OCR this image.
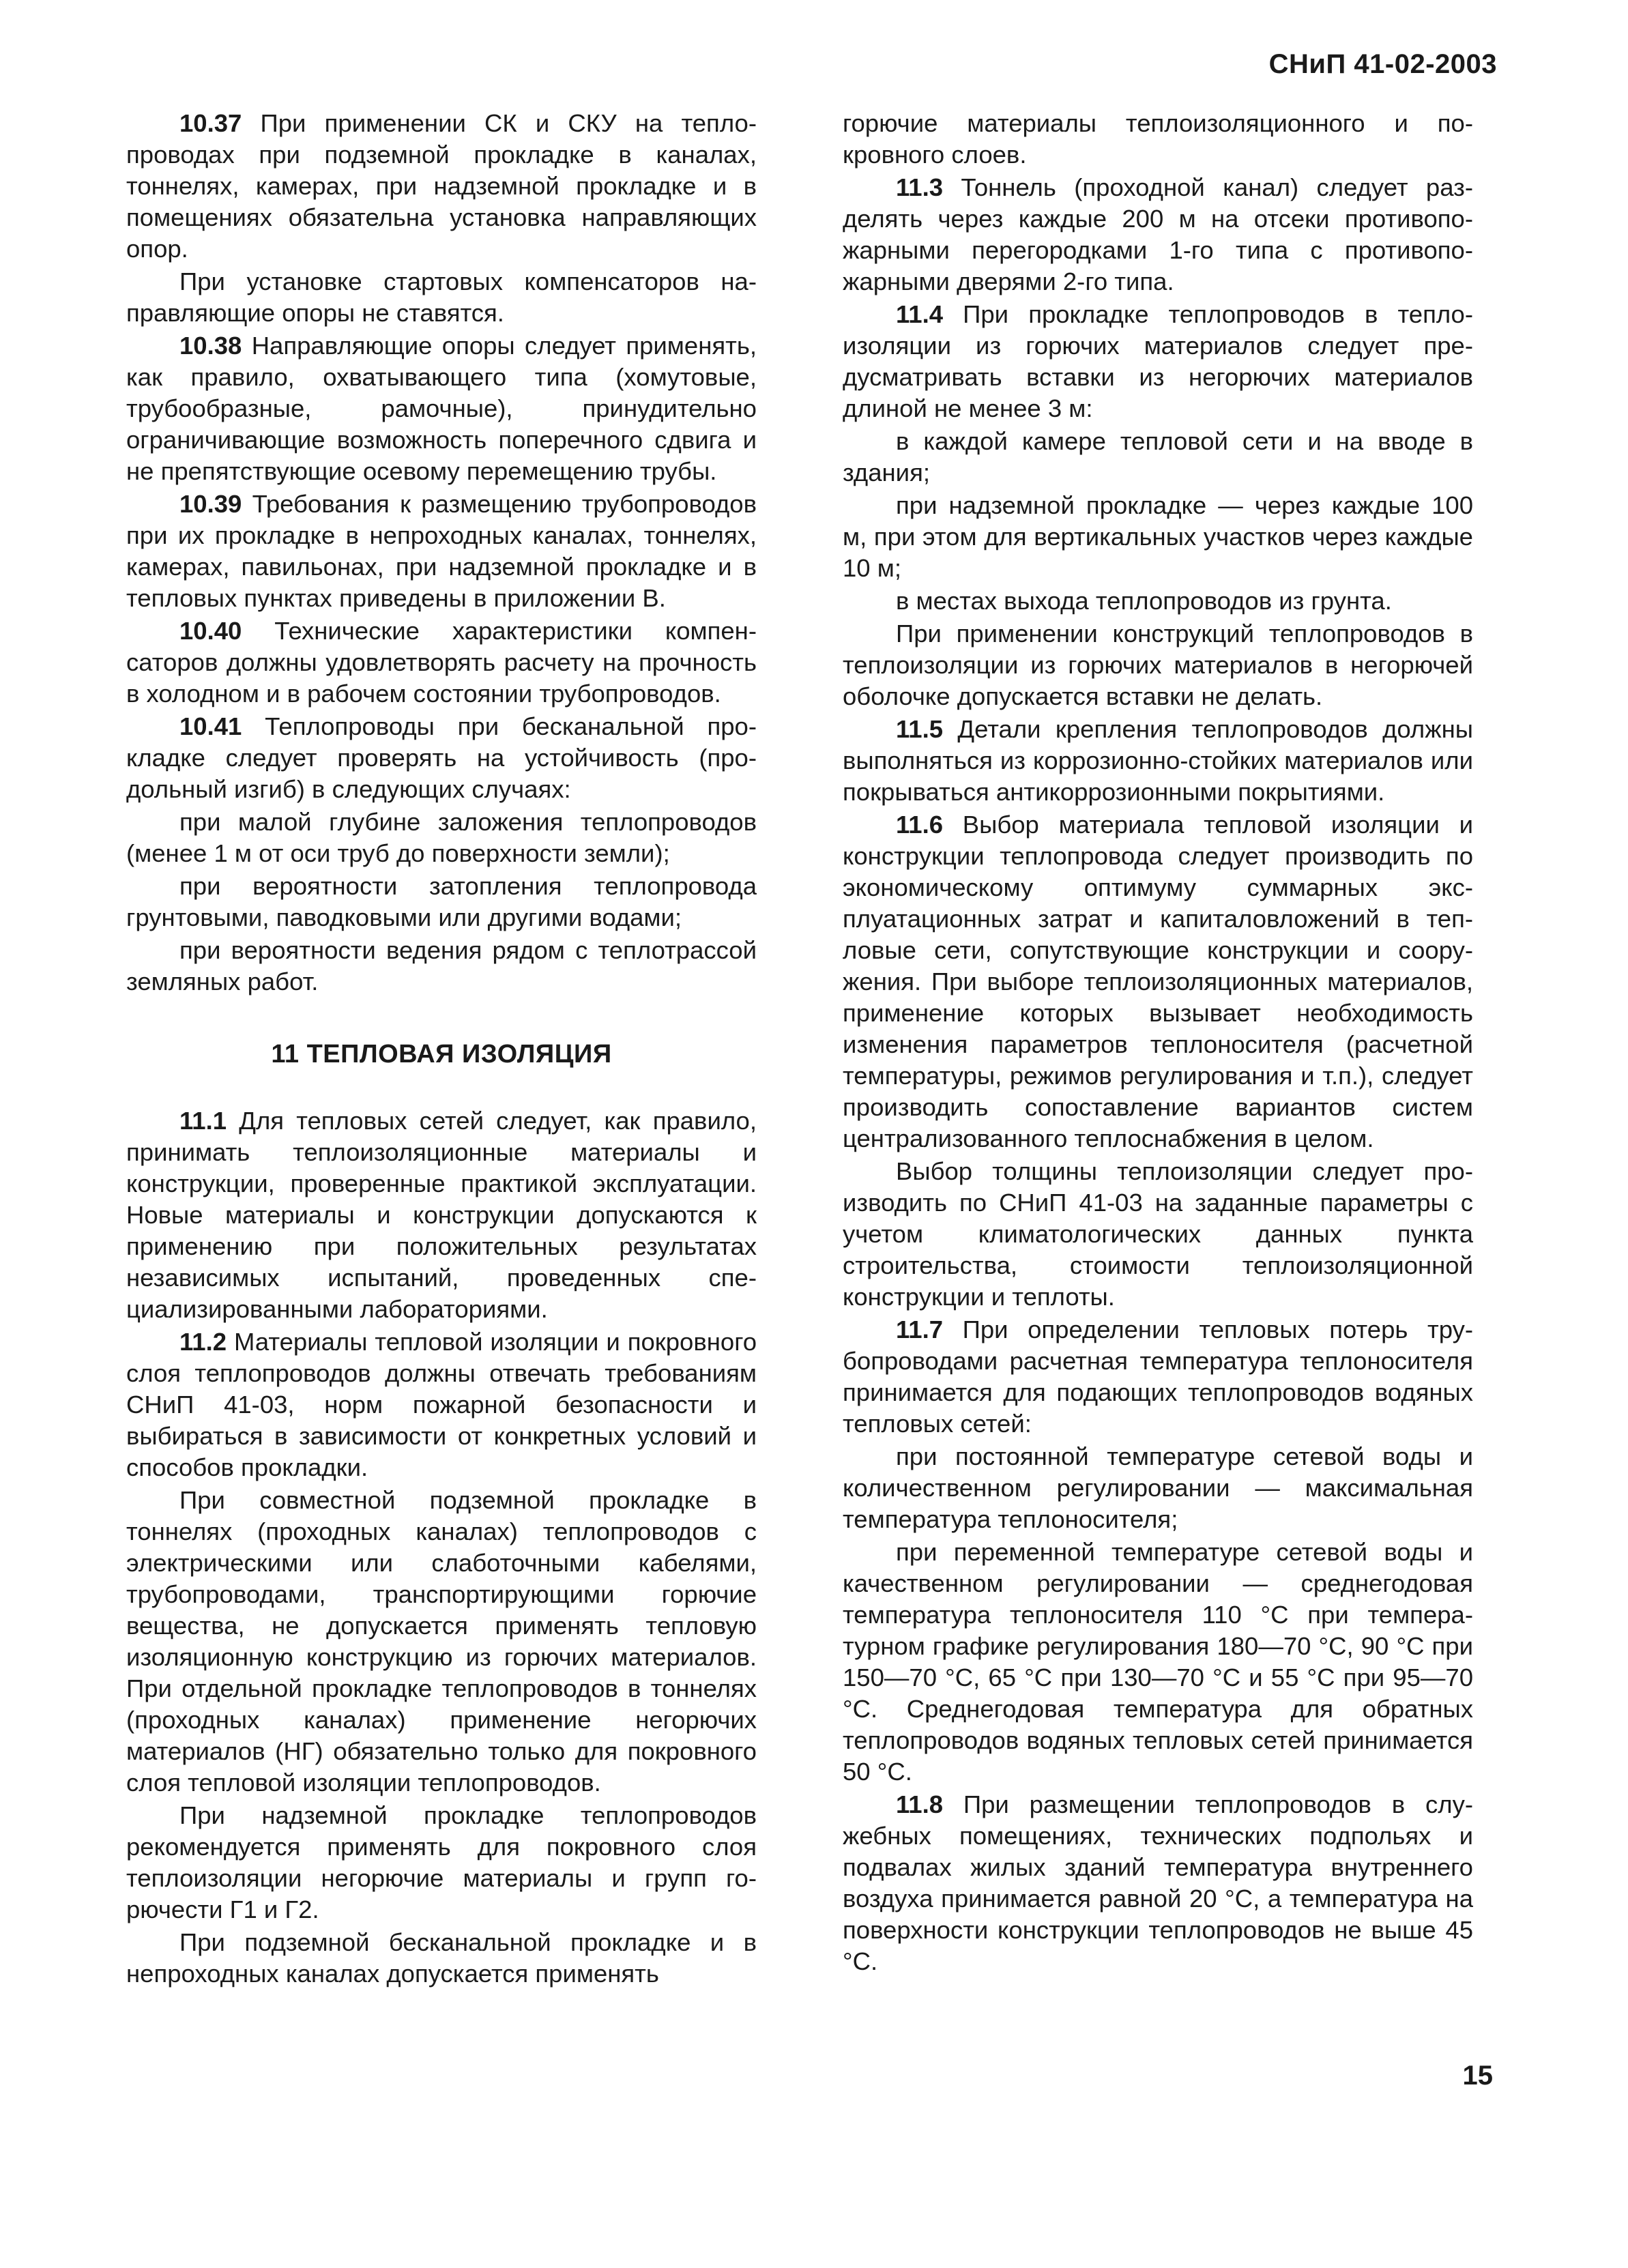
СНиП 41-02-2003

10.37 При применении СК и СКУ на теплопроводах при подземной прокладке в каналах, тоннелях, камерах, при надземной прокладке и в помещениях обязательна установка направляющих опор.

При установке стартовых компенсаторов направляющие опоры не ставятся.

10.38 Направляющие опоры следует применять, как правило, охватывающего типа (хомутовые, трубообразные, рамочные), принудительно ограничивающие возможность поперечного сдвига и не препятствующие осевому перемещению трубы.

10.39 Требования к размещению трубопроводов при их прокладке в непроходных каналах, тоннелях, камерах, павильонах, при надземной прокладке и в тепловых пунктах приведены в приложении В.

10.40 Технические характеристики компенсаторов должны удовлетворять расчету на прочность в холодном и в рабочем состоянии трубопроводов.

10.41 Теплопроводы при бесканальной прокладке следует проверять на устойчивость (продольный изгиб) в следующих случаях:

при малой глубине заложения теплопроводов (менее 1 м от оси труб до поверхности земли);

при вероятности затопления теплопровода грунтовыми, паводковыми или другими водами;

при вероятности ведения рядом с теплотрассой земляных работ.

11 ТЕПЛОВАЯ ИЗОЛЯЦИЯ

11.1 Для тепловых сетей следует, как правило, принимать теплоизоляционные материалы и конструкции, проверенные практикой эксплуатации. Новые материалы и конструкции допускаются к применению при положительных результатах независимых испытаний, проведенных специализированными лабораториями.

11.2 Материалы тепловой изоляции и покровного слоя теплопроводов должны отвечать требованиям СНиП 41-03, норм пожарной безопасности и выбираться в зависимости от конкретных условий и способов прокладки.

При совместной подземной прокладке в тоннелях (проходных каналах) теплопроводов с электрическими или слаботочными кабелями, трубопроводами, транспортирующими горючие вещества, не допускается применять тепловую изоляционную конструкцию из горючих материалов. При отдельной прокладке теплопроводов в тоннелях (проходных каналах) применение негорючих материалов (НГ) обязательно только для покровного слоя тепловой изоляции теплопроводов.

При надземной прокладке теплопроводов рекомендуется применять для покровного слоя теплоизоляции негорючие материалы и групп горючести Г1 и Г2.

При подземной бесканальной прокладке и в непроходных каналах допускается применять

горючие материалы теплоизоляционного и покровного слоев.

11.3 Тоннель (проходной канал) следует разделять через каждые 200 м на отсеки противопожарными перегородками 1-го типа с противопожарными дверями 2-го типа.

11.4 При прокладке теплопроводов в теплоизоляции из горючих материалов следует предусматривать вставки из негорючих материалов длиной не менее 3 м:

в каждой камере тепловой сети и на вводе в здания;

при надземной прокладке — через каждые 100 м, при этом для вертикальных участков через каждые 10 м;

в местах выхода теплопроводов из грунта.

При применении конструкций теплопроводов в теплоизоляции из горючих материалов в негорючей оболочке допускается вставки не делать.

11.5 Детали крепления теплопроводов должны выполняться из коррозионно-стойких материалов или покрываться антикоррозионными покрытиями.

11.6 Выбор материала тепловой изоляции и конструкции теплопровода следует производить по экономическому оптимуму суммарных эксплуатационных затрат и капиталовложений в тепловые сети, сопутствующие конструкции и сооружения. При выборе теплоизоляционных материалов, применение которых вызывает необходимость изменения параметров теплоносителя (расчетной температуры, режимов регулирования и т.п.), следует производить сопоставление вариантов систем централизованного теплоснабжения в целом.

Выбор толщины теплоизоляции следует производить по СНиП 41-03 на заданные параметры с учетом климатологических данных пункта строительства, стоимости теплоизоляционной конструкции и теплоты.

11.7 При определении тепловых потерь трубопроводами расчетная температура теплоносителя принимается для подающих теплопроводов водяных тепловых сетей:

при постоянной температуре сетевой воды и количественном регулировании — максимальная температура теплоносителя;

при переменной температуре сетевой воды и качественном регулировании — среднегодовая температура теплоносителя 110 °С при температурном графике регулирования 180—70 °С, 90 °С при 150—70 °С, 65 °С при 130—70 °С и 55 °С при 95—70 °С. Среднегодовая температура для обратных теплопроводов водяных тепловых сетей принимается 50 °С.

11.8 При размещении теплопроводов в служебных помещениях, технических подпольях и подвалах жилых зданий температура внутреннего воздуха принимается равной 20 °С, а температура на поверхности конструкции теплопроводов не выше 45 °С.

15
